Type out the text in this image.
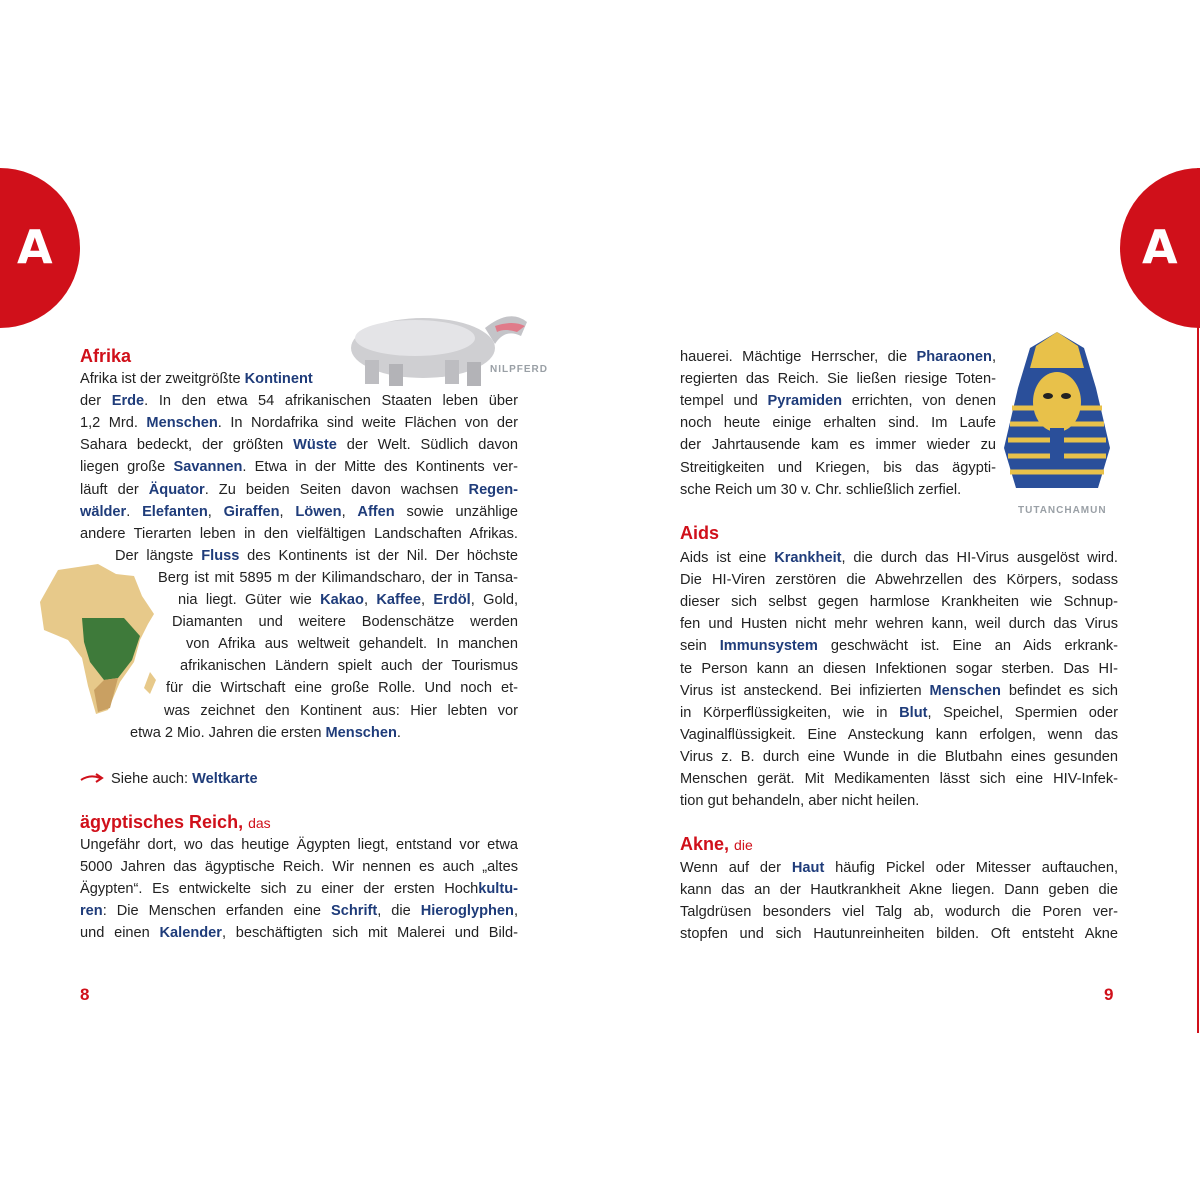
A	A
NILPFERD
TUTANCHAMUN
Afrika
ägyptisches Reich, das
Aids
Akne, die
8	9
Afrika ist der zweitgrößte Kontinent
der Erde. In den etwa 54 afrikanischen Staaten leben über
1,2 Mrd. Menschen. In Nordafrika sind weite Flächen von der
Sahara bedeckt, der größten Wüste der Welt. Südlich davon
liegen große Savannen. Etwa in der Mitte des Kontinents ver-
läuft der Äquator. Zu beiden Seiten davon wachsen Regen-
wälder. Elefanten, Giraffen, Löwen, Affen sowie unzählige
andere Tierarten leben in den vielfältigen Landschaften Afrikas.
Der längste Fluss des Kontinents ist der Nil. Der höchste
Berg ist mit 5895 m der Kilimandscharo, der in Tansa-
nia liegt. Güter wie Kakao, Kaffee, Erdöl, Gold,
Diamanten und weitere Bodenschätze werden
von Afrika aus weltweit gehandelt. In manchen
afrikanischen Ländern spielt auch der Tourismus
für die Wirtschaft eine große Rolle. Und noch et-
was zeichnet den Kontinent aus: Hier lebten vor
etwa 2 Mio. Jahren die ersten Menschen.
Siehe auch: Weltkarte
Ungefähr dort, wo das heutige Ägypten liegt, entstand vor etwa
5000 Jahren das ägyptische Reich. Wir nennen es auch „altes
Ägypten“. Es entwickelte sich zu einer der ersten Hochkultu-
ren: Die Menschen erfanden eine Schrift, die Hieroglyphen,
und einen Kalender, beschäftigten sich mit Malerei und Bild-
hauerei. Mächtige Herrscher, die Pharaonen,
regierten das Reich. Sie ließen riesige Toten-
tempel und Pyramiden errichten, von denen
noch heute einige erhalten sind. Im Laufe
der Jahrtausende kam es immer wieder zu
Streitigkeiten und Kriegen, bis das ägypti-
sche Reich um 30 v. Chr. schließlich zerfiel.
Aids ist eine Krankheit, die durch das HI-Virus ausgelöst wird.
Die HI-Viren zerstören die Abwehrzellen des Körpers, sodass
dieser sich selbst gegen harmlose Krankheiten wie Schnup-
fen und Husten nicht mehr wehren kann, weil durch das Virus
sein Immunsystem geschwächt ist. Eine an Aids erkrank-
te Person kann an diesen Infektionen sogar sterben. Das HI-
Virus ist ansteckend. Bei infizierten Menschen befindet es sich
in Körperflüssigkeiten, wie in Blut, Speichel, Spermien oder
Vaginalflüssigkeit. Eine Ansteckung kann erfolgen, wenn das
Virus z. B. durch eine Wunde in die Blutbahn eines gesunden
Menschen gerät. Mit Medikamenten lässt sich eine HIV-Infek-
tion gut behandeln, aber nicht heilen.
Wenn auf der Haut häufig Pickel oder Mitesser auftauchen,
kann das an der Hautkrankheit Akne liegen. Dann geben die
Talgdrüsen besonders viel Talg ab, wodurch die Poren ver-
stopfen und sich Hautunreinheiten bilden. Oft entsteht Akne
